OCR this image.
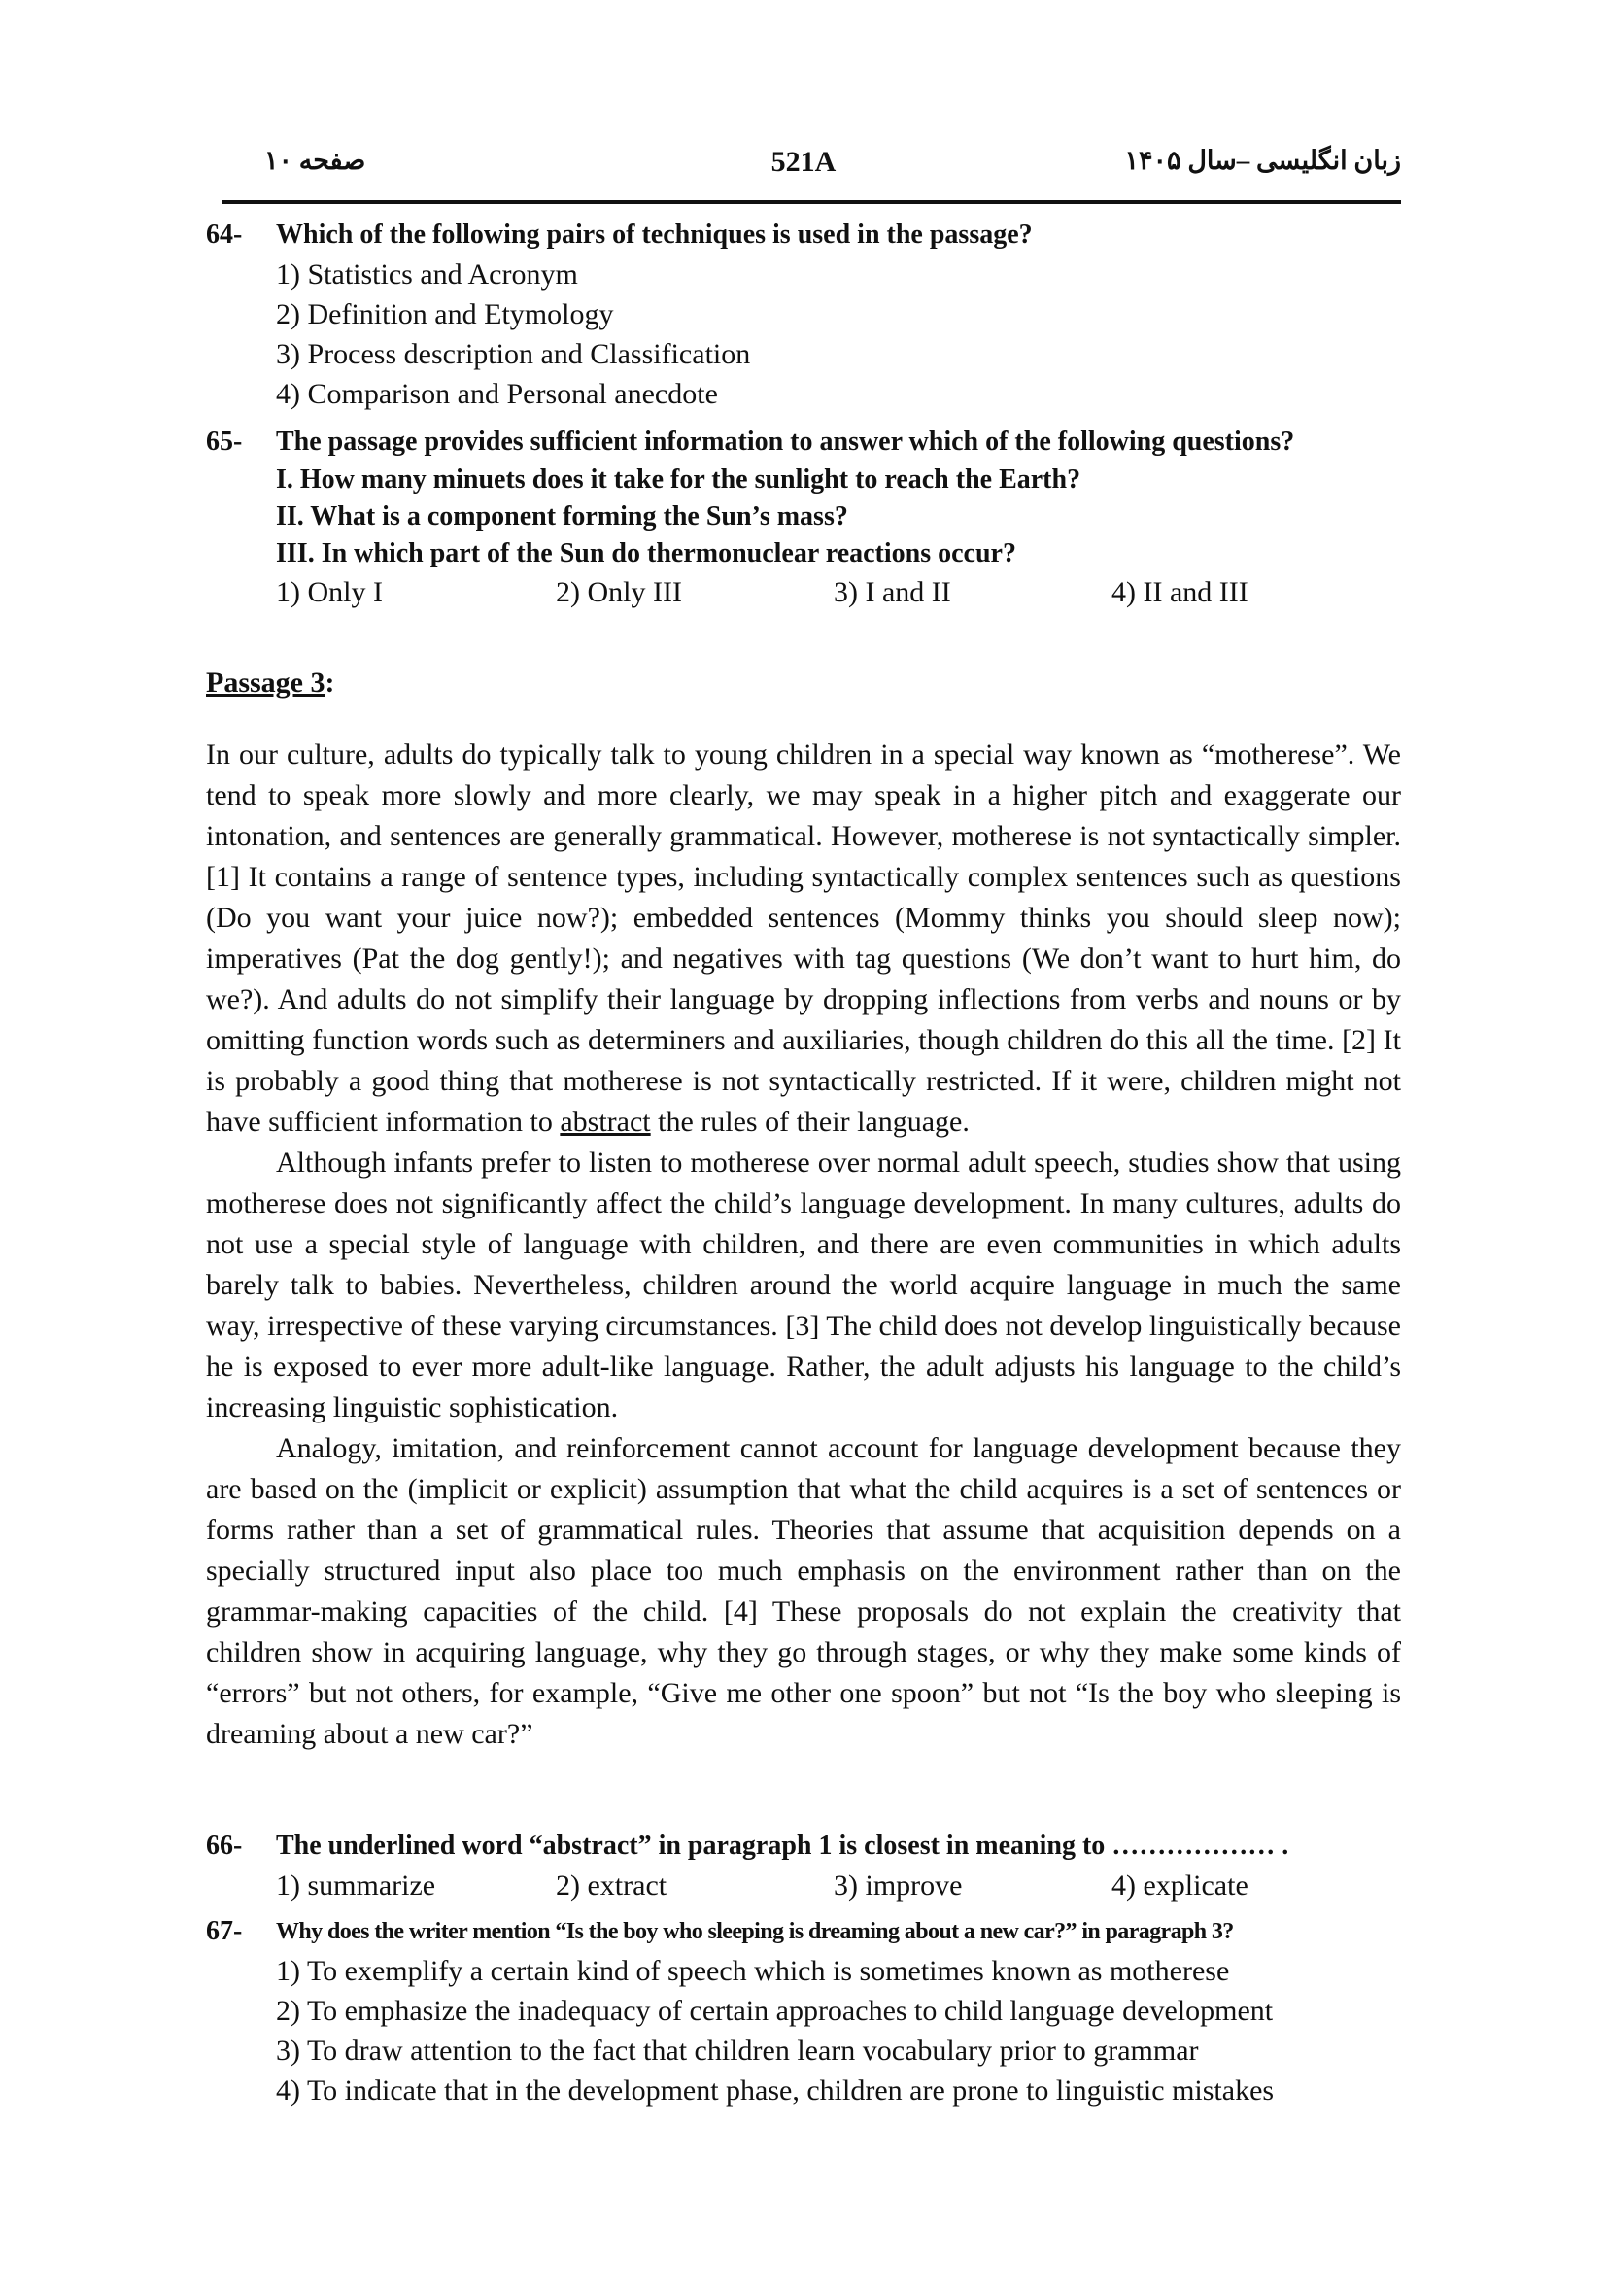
صفحه ۱۰	521A	زبان انگلیسی –سال ۱۴۰۵
64- Which of the following pairs of techniques is used in the passage?
1) Statistics and Acronym
2) Definition and Etymology
3) Process description and Classification
4) Comparison and Personal anecdote
65- The passage provides sufficient information to answer which of the following questions?
I. How many minuets does it take for the sunlight to reach the Earth?
II. What is a component forming the Sun’s mass?
III. In which part of the Sun do thermonuclear reactions occur?
1) Only I	2) Only III	3) I and II	4) II and III
Passage 3:

In our culture, adults do typically talk to young children in a special way known as “motherese”. We tend to speak more slowly and more clearly, we may speak in a higher pitch and exaggerate our intonation, and sentences are generally grammatical. However, motherese is not syntactically simpler. [1] It contains a range of sentence types, including syntactically complex sentences such as questions (Do you want your juice now?); embedded sentences (Mommy thinks you should sleep now); imperatives (Pat the dog gently!); and negatives with tag questions (We don’t want to hurt him, do we?). And adults do not simplify their language by dropping inflections from verbs and nouns or by omitting function words such as determiners and auxiliaries, though children do this all the time. [2] It is probably a good thing that motherese is not syntactically restricted. If it were, children might not have sufficient information to abstract the rules of their language.

Although infants prefer to listen to motherese over normal adult speech, studies show that using motherese does not significantly affect the child’s language development. In many cultures, adults do not use a special style of language with children, and there are even communities in which adults barely talk to babies. Nevertheless, children around the world acquire language in much the same way, irrespective of these varying circumstances. [3] The child does not develop linguistically because he is exposed to ever more adult-like language. Rather, the adult adjusts his language to the child’s increasing linguistic sophistication.

Analogy, imitation, and reinforcement cannot account for language development because they are based on the (implicit or explicit) assumption that what the child acquires is a set of sentences or forms rather than a set of grammatical rules. Theories that assume that acquisition depends on a specially structured input also place too much emphasis on the environment rather than on the grammar-making capacities of the child. [4] These proposals do not explain the creativity that children show in acquiring language, why they go through stages, or why they make some kinds of “errors” but not others, for example, “Give me other one spoon” but not “Is the boy who sleeping is dreaming about a new car?”

66- The underlined word “abstract” in paragraph 1 is closest in meaning to ……………… .
1) summarize	2) extract	3) improve	4) explicate
67- Why does the writer mention “Is the boy who sleeping is dreaming about a new car?” in paragraph 3?
1) To exemplify a certain kind of speech which is sometimes known as motherese
2) To emphasize the inadequacy of certain approaches to child language development
3) To draw attention to the fact that children learn vocabulary prior to grammar
4) To indicate that in the development phase, children are prone to linguistic mistakes
